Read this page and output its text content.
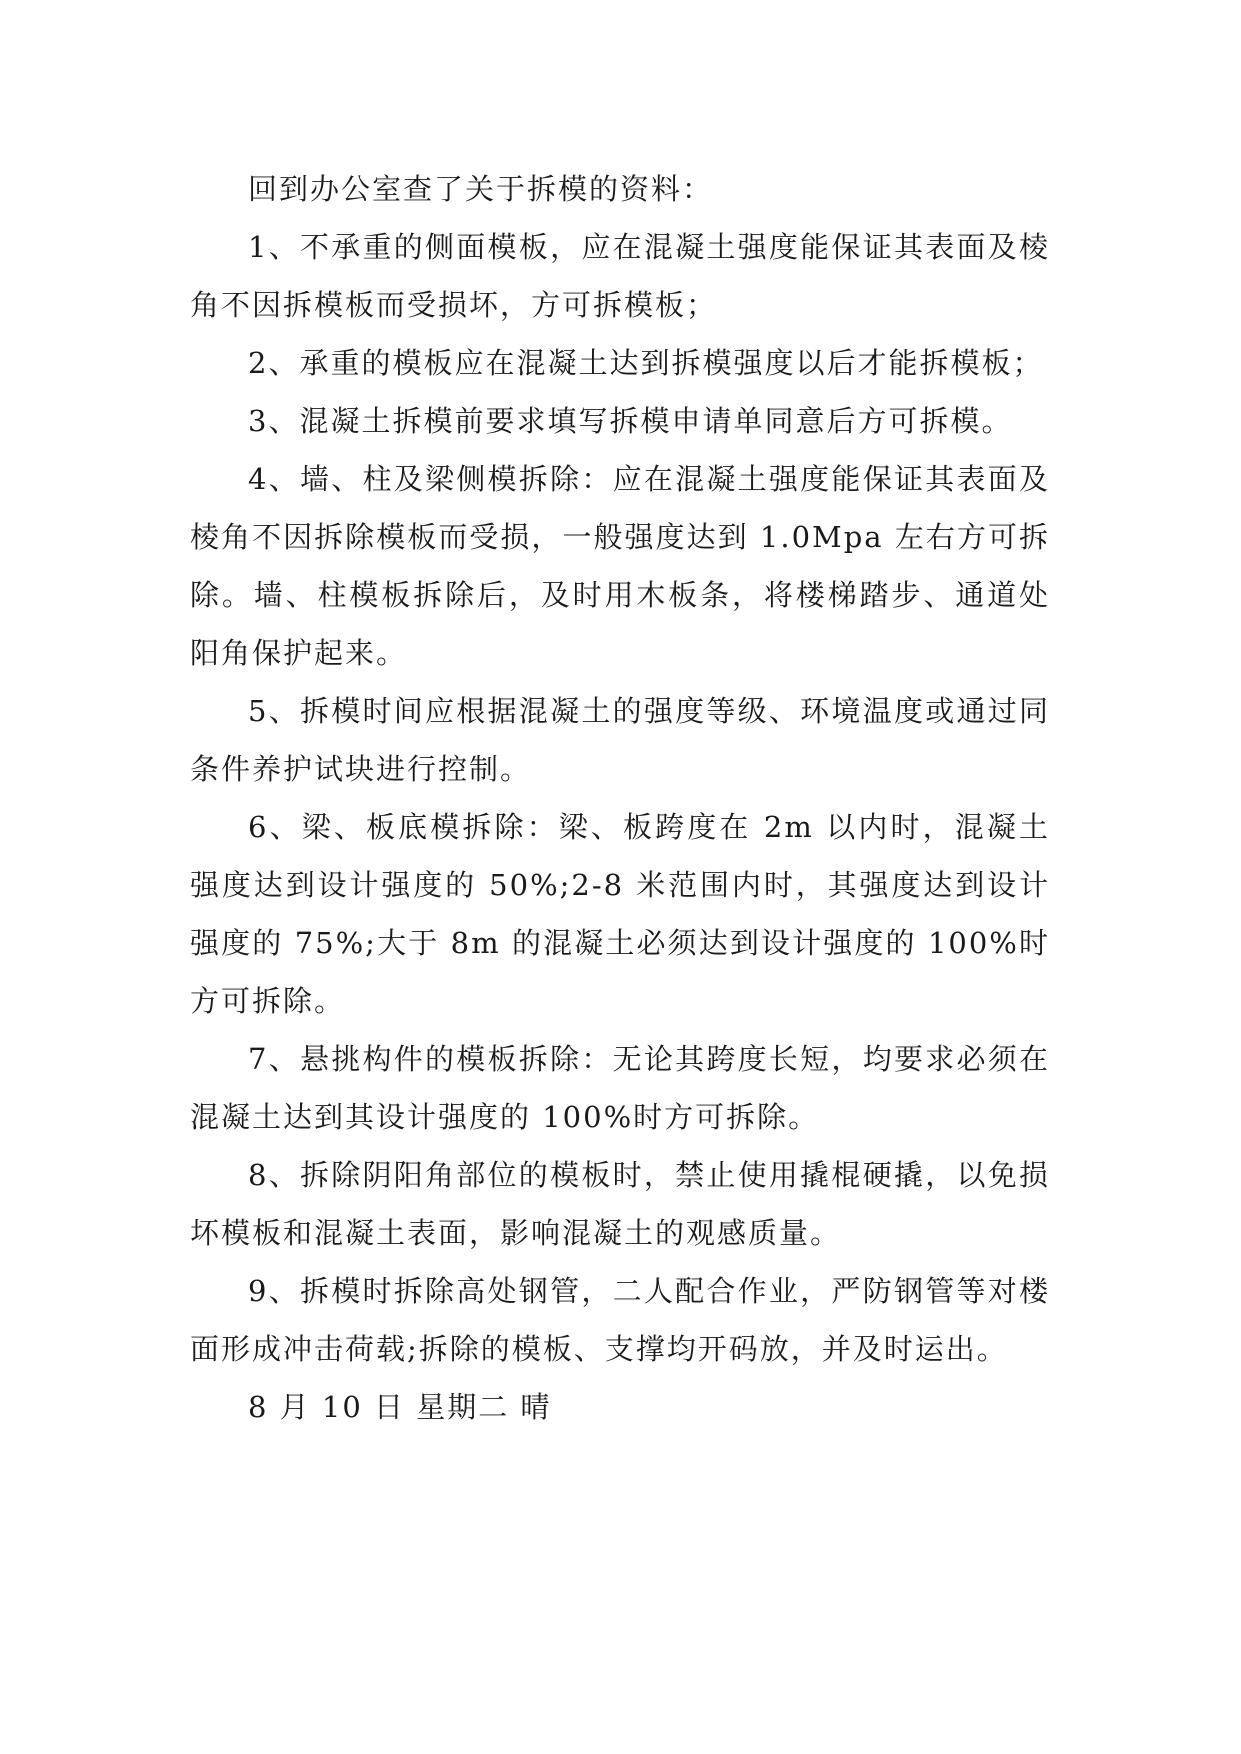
回到办公室查了关于拆模的资料：

1、不承重的侧面模板，应在混凝土强度能保证其表面及棱角不因拆模板而受损坏，方可拆模板；

2、承重的模板应在混凝土达到拆模强度以后才能拆模板；

3、混凝土拆模前要求填写拆模申请单同意后方可拆模。

4、墙、柱及梁侧模拆除：应在混凝土强度能保证其表面及棱角不因拆除模板而受损，一般强度达到 1.0Mpa 左右方可拆除。墙、柱模板拆除后，及时用木板条，将楼梯踏步、通道处阳角保护起来。

5、拆模时间应根据混凝土的强度等级、环境温度或通过同条件养护试块进行控制。

6、梁、板底模拆除：梁、板跨度在 2m 以内时，混凝土强度达到设计强度的 50%;2-8 米范围内时，其强度达到设计强度的 75%;大于 8m 的混凝土必须达到设计强度的 100%时方可拆除。

7、悬挑构件的模板拆除：无论其跨度长短，均要求必须在混凝土达到其设计强度的 100%时方可拆除。

8、拆除阴阳角部位的模板时，禁止使用撬棍硬撬，以免损坏模板和混凝土表面，影响混凝土的观感质量。

9、拆模时拆除高处钢管，二人配合作业，严防钢管等对楼面形成冲击荷载;拆除的模板、支撑均开码放，并及时运出。

8 月 10 日 星期二 晴
